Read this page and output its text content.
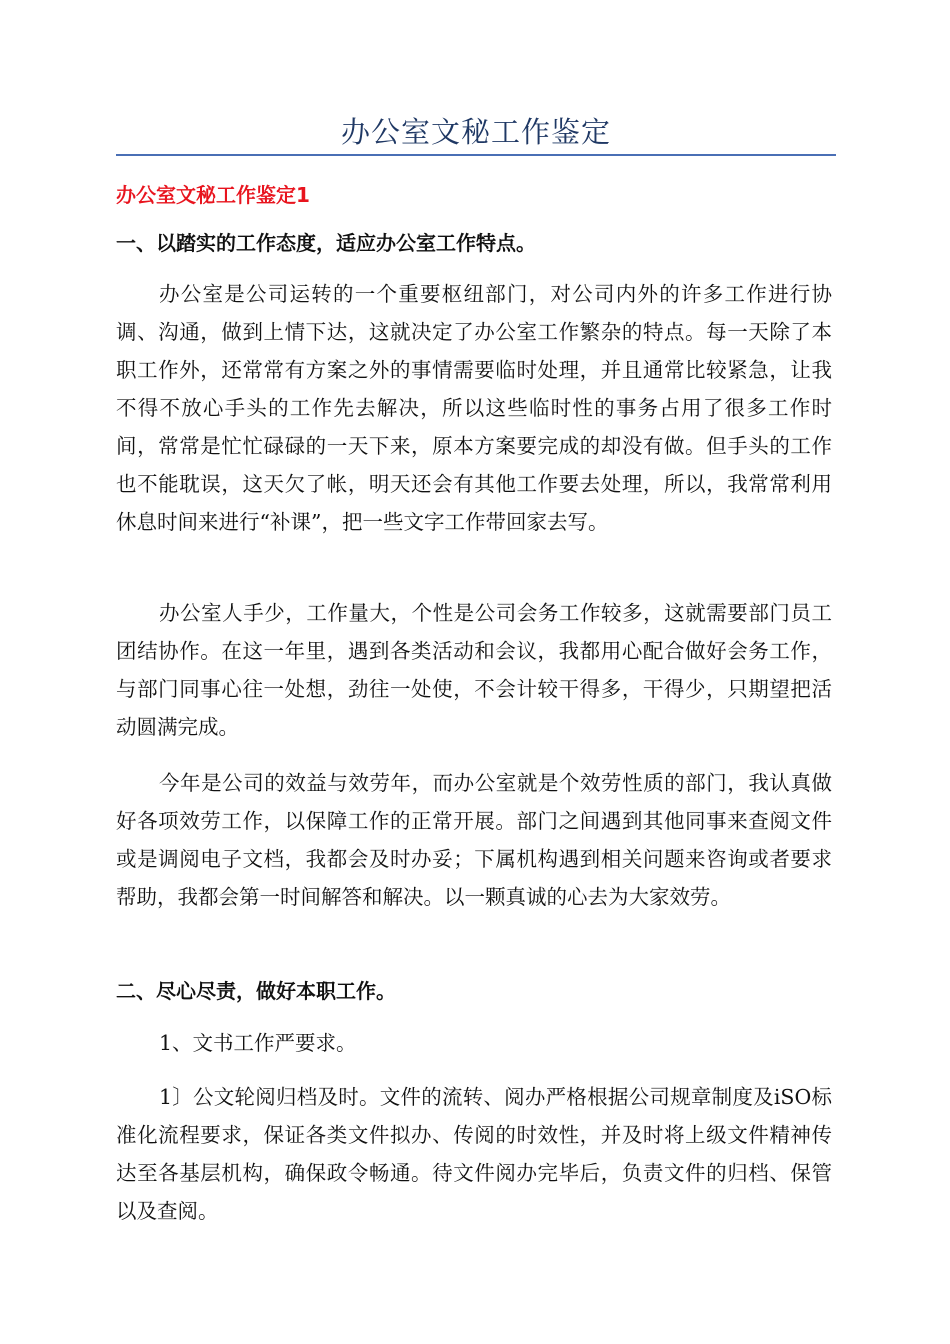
办公室文秘工作鉴定
办公室文秘工作鉴定1
一、以踏实的工作态度，适应办公室工作特点。

办公室是公司运转的一个重要枢纽部门，对公司内外的许多工作进行协调、沟通，做到上情下达，这就决定了办公室工作繁杂的特点。每一天除了本职工作外，还常常有方案之外的事情需要临时处理，并且通常比较紧急，让我不得不放心手头的工作先去解决，所以这些临时性的事务占用了很多工作时间，常常是忙忙碌碌的一天下来，原本方案要完成的却没有做。但手头的工作也不能耽误，这天欠了帐，明天还会有其他工作要去处理，所以，我常常利用休息时间来进行“补课”，把一些文字工作带回家去写。

办公室人手少，工作量大，个性是公司会务工作较多，这就需要部门员工团结协作。在这一年里，遇到各类活动和会议，我都用心配合做好会务工作，与部门同事心往一处想，劲往一处使，不会计较干得多，干得少，只期望把活动圆满完成。

今年是公司的效益与效劳年，而办公室就是个效劳性质的部门，我认真做好各项效劳工作，以保障工作的正常开展。部门之间遇到其他同事来查阅文件或是调阅电子文档，我都会及时办妥；下属机构遇到相关问题来咨询或者要求帮助，我都会第一时间解答和解决。以一颗真诚的心去为大家效劳。

二、尽心尽责，做好本职工作。

1、文书工作严要求。

1〕公文轮阅归档及时。文件的流转、阅办严格根据公司规章制度及iSO标准化流程要求，保证各类文件拟办、传阅的时效性，并及时将上级文件精神传达至各基层机构，确保政令畅通。待文件阅办完毕后，负责文件的归档、保管以及查阅。
